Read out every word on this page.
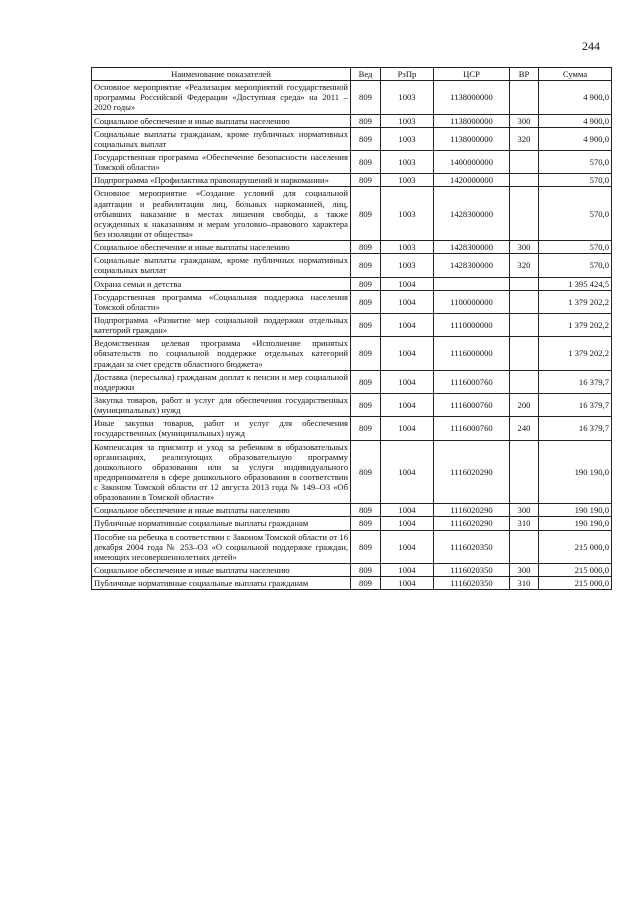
244
Наименование показателей	Вед	РзПр	ЦСР	ВР	Сумма
Основное мероприятие «Реализация мероприятий государственной программы Российской Федерации «Доступная среда» на 2011 – 2020 годы»	809	1003	1138000000		4 900,0
Социальное обеспечение и иные выплаты населению	809	1003	1138000000	300	4 900,0
Социальные выплаты гражданам, кроме публичных нормативных социальных выплат	809	1003	1138000000	320	4 900,0
Государственная программа «Обеспечение безопасности населения Томской области»	809	1003	1400000000		570,0
Подпрограмма «Профилактика правонарушений и наркомании»	809	1003	1420000000		570,0
Основное мероприятие «Создание условий для социальной адаптации и реабилитации лиц, больных наркоманией, лиц, отбывших наказание в местах лишения свободы, а также осужденных к наказаниям и мерам уголовно–правового характера без изоляции от общества»	809	1003	1428300000		570,0
Социальное обеспечение и иные выплаты населению	809	1003	1428300000	300	570,0
Социальные выплаты гражданам, кроме публичных нормативных социальных выплат	809	1003	1428300000	320	570,0
Охрана семьи и детства	809	1004			1 395 424,5
Государственная программа «Социальная поддержка населения Томской области»	809	1004	1100000000		1 379 202,2
Подпрограмма «Развитие мер социальной поддержки отдельных категорий граждан»	809	1004	1110000000		1 379 202,2
Ведомственная целевая программа «Исполнение принятых обязательств по социальной поддержке отдельных категорий граждан за счет средств областного бюджета»	809	1004	1116000000		1 379 202,2
Доставка (пересылка) гражданам доплат к пенсии и мер социальной поддержки	809	1004	1116000760		16 379,7
Закупка товаров, работ и услуг для обеспечения государственных (муниципальных) нужд	809	1004	1116000760	200	16 379,7
Иные закупки товаров, работ и услуг для обеспечения государственных (муниципальных) нужд	809	1004	1116000760	240	16 379,7
Компенсация за присмотр и уход за ребенком в образовательных организациях, реализующих образовательную программу дошкольного образования или за услуги индивидуального предпринимателя в сфере дошкольного образования в соответствии с Законом Томской области от 12 августа 2013 года № 149–ОЗ «Об образовании в Томской области»	809	1004	1116020290		190 190,0
Социальное обеспечение и иные выплаты населению	809	1004	1116020290	300	190 190,0
Публичные нормативные социальные выплаты гражданам	809	1004	1116020290	310	190 190,0
Пособие на ребенка в соответствии с Законом Томской области от 16 декабря 2004 года № 253–ОЗ «О социальной поддержке граждан, имеющих несовершеннолетних детей»	809	1004	1116020350		215 000,0
Социальное обеспечение и иные выплаты населению	809	1004	1116020350	300	215 000,0
Публичные нормативные социальные выплаты гражданам	809	1004	1116020350	310	215 000,0
